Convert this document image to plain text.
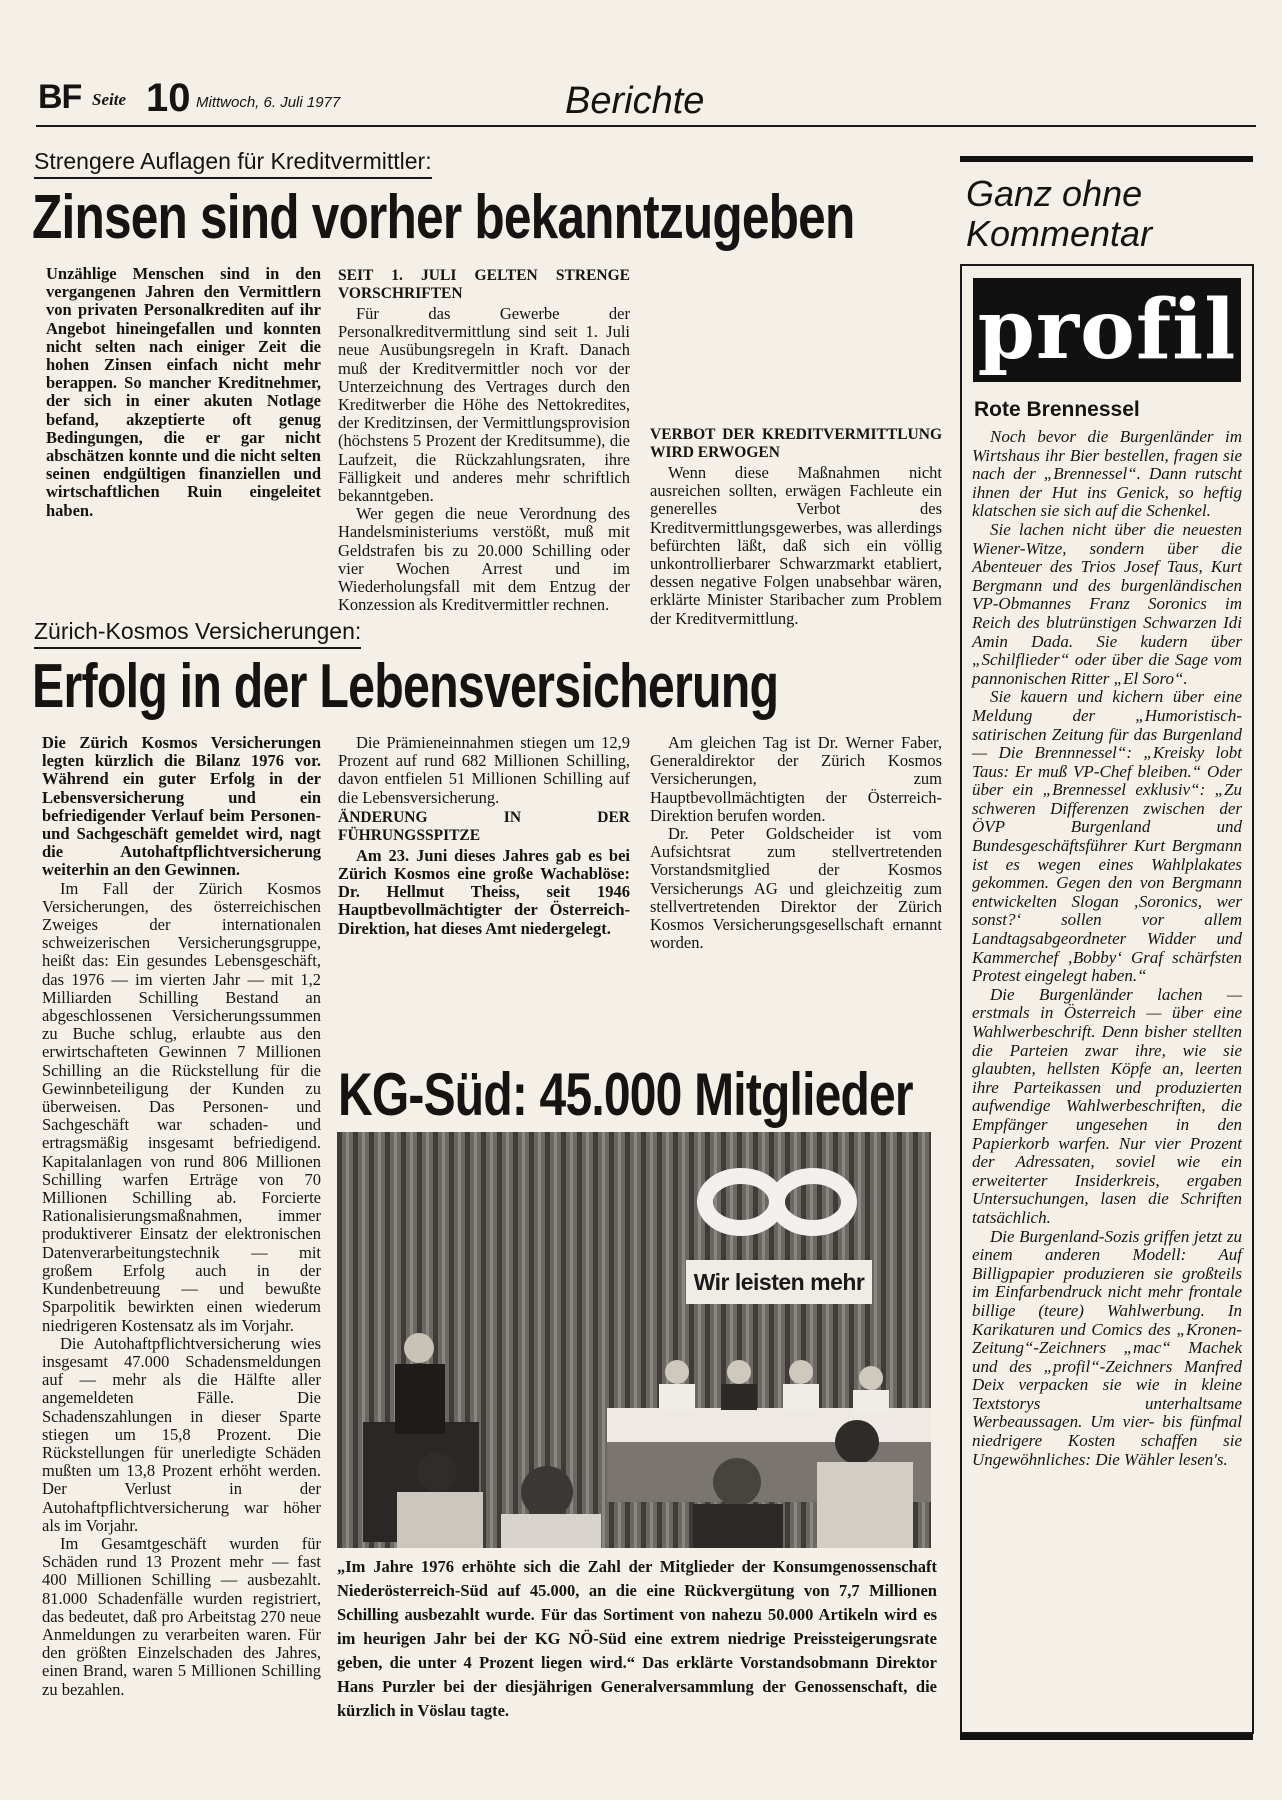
BF Seite 10 Mittwoch, 6. Juli 1977	Berichte
Strengere Auflagen für Kreditvermittler:
Zinsen sind vorher bekanntzugeben

Unzählige Menschen sind in den vergangenen Jahren den Vermittlern von privaten Personalkrediten auf ihr Angebot hineingefallen und konnten nicht selten nach einiger Zeit die hohen Zinsen einfach nicht mehr berappen. So mancher Kreditnehmer, der sich in einer akuten Notlage befand, akzeptierte oft genug Bedingungen, die er gar nicht abschätzen konnte und die nicht selten seinen endgültigen finanziellen und wirtschaftlichen Ruin eingeleitet haben.

SEIT 1. JULI GELTEN STRENGE VORSCHRIFTEN

Für das Gewerbe der Personalkreditvermittlung sind seit 1. Juli neue Ausübungsregeln in Kraft. Danach muß der Kreditvermittler noch vor der Unterzeichnung des Vertrages durch den Kreditwerber die Höhe des Nettokredites, der Kreditzinsen, der Vermittlungsprovision (höchstens 5 Prozent der Kreditsumme), die Laufzeit, die Rückzahlungsraten, ihre Fälligkeit und anderes mehr schriftlich bekanntgeben.

Wer gegen die neue Verordnung des Handelsministeriums verstößt, muß mit Geldstrafen bis zu 20.000 Schilling oder vier Wochen Arrest und im Wiederholungsfall mit dem Entzug der Konzession als Kreditvermittler rechnen.

VERBOT DER KREDITVERMITTLUNG WIRD ERWOGEN

Wenn diese Maßnahmen nicht ausreichen sollten, erwägen Fachleute ein generelles Verbot des Kreditvermittlungsgewerbes, was allerdings befürchten läßt, daß sich ein völlig unkontrollierbarer Schwarzmarkt etabliert, dessen negative Folgen unabsehbar wären, erklärte Minister Staribacher zum Problem der Kreditvermittlung.

Zürich-Kosmos Versicherungen:
Erfolg in der Lebensversicherung

Die Zürich Kosmos Versicherungen legten kürzlich die Bilanz 1976 vor. Während ein guter Erfolg in der Lebensversicherung und ein befriedigender Verlauf beim Personen- und Sachgeschäft gemeldet wird, nagt die Autohaftpflichtversicherung weiterhin an den Gewinnen.

Im Fall der Zürich Kosmos Versicherungen, des österreichischen Zweiges der internationalen schweizerischen Versicherungsgruppe, heißt das: Ein gesundes Lebensgeschäft, das 1976 — im vierten Jahr — mit 1,2 Milliarden Schilling Bestand an abgeschlossenen Versicherungssummen zu Buche schlug, erlaubte aus den erwirtschafteten Gewinnen 7 Millionen Schilling an die Rückstellung für die Gewinnbeteiligung der Kunden zu überweisen. Das Personen- und Sachgeschäft war schaden- und ertragsmäßig insgesamt befriedigend. Kapitalanlagen von rund 806 Millionen Schilling warfen Erträge von 70 Millionen Schilling ab. Forcierte Rationalisierungsmaßnahmen, immer produktiverer Einsatz der elektronischen Datenverarbeitungstechnik — mit großem Erfolg auch in der Kundenbetreuung — und bewußte Sparpolitik bewirkten einen wiederum niedrigeren Kostensatz als im Vorjahr.

Die Autohaftpflichtversicherung wies insgesamt 47.000 Schadensmeldungen auf — mehr als die Hälfte aller angemeldeten Fälle. Die Schadenszahlungen in dieser Sparte stiegen um 15,8 Prozent. Die Rückstellungen für unerledigte Schäden mußten um 13,8 Prozent erhöht werden. Der Verlust in der Autohaftpflichtversicherung war höher als im Vorjahr.

Im Gesamtgeschäft wurden für Schäden rund 13 Prozent mehr — fast 400 Millionen Schilling — ausbezahlt. 81.000 Schadenfälle wurden registriert, das bedeutet, daß pro Arbeitstag 270 neue Anmeldungen zu verarbeiten waren. Für den größten Einzelschaden des Jahres, einen Brand, waren 5 Millionen Schilling zu bezahlen.

Die Prämieneinnahmen stiegen um 12,9 Prozent auf rund 682 Millionen Schilling, davon entfielen 51 Millionen Schilling auf die Lebensversicherung.

ÄNDERUNG IN DER FÜHRUNGSSPITZE

Am 23. Juni dieses Jahres gab es bei Zürich Kosmos eine große Wachablöse: Dr. Hellmut Theiss, seit 1946 Hauptbevollmächtigter der Österreich-Direktion, hat dieses Amt niedergelegt.

Am gleichen Tag ist Dr. Werner Faber, Generaldirektor der Zürich Kosmos Versicherungen, zum Hauptbevollmächtigten der Österreich-Direktion berufen worden.

Dr. Peter Goldscheider ist vom Aufsichtsrat zum stellvertretenden Vorstandsmitglied der Kosmos Versicherungs AG und gleichzeitig zum stellvertretenden Direktor der Zürich Kosmos Versicherungsgesellschaft ernannt worden.

KG-Süd: 45.000 Mitglieder
Wir leisten mehr
„Im Jahre 1976 erhöhte sich die Zahl der Mitglieder der Konsumgenossenschaft Niederösterreich-Süd auf 45.000, an die eine Rückvergütung von 7,7 Millionen Schilling ausbezahlt wurde. Für das Sortiment von nahezu 50.000 Artikeln wird es im heurigen Jahr bei der KG NÖ-Süd eine extrem niedrige Preissteigerungsrate geben, die unter 4 Prozent liegen wird.“ Das erklärte Vorstandsobmann Direktor Hans Purzler bei der diesjährigen Generalversammlung der Genossenschaft, die kürzlich in Vöslau tagte.
Ganz ohne
Kommentar
profil
Rote Brennessel

Noch bevor die Burgenländer im Wirtshaus ihr Bier bestellen, fragen sie nach der „Brennessel“. Dann rutscht ihnen der Hut ins Genick, so heftig klatschen sie sich auf die Schenkel.

Sie lachen nicht über die neuesten Wiener-Witze, sondern über die Abenteuer des Trios Josef Taus, Kurt Bergmann und des burgenländischen VP-Obmannes Franz Soronics im Reich des blutrünstigen Schwarzen Idi Amin Dada. Sie kudern über „Schilflieder“ oder über die Sage vom pannonischen Ritter „El Soro“.

Sie kauern und kichern über eine Meldung der „Humoristisch-satirischen Zeitung für das Burgenland — Die Brennnessel“: „Kreisky lobt Taus: Er muß VP-Chef bleiben.“ Oder über ein „Brennessel exklusiv“: „Zu schweren Differenzen zwischen der ÖVP Burgenland und Bundesgeschäftsführer Kurt Bergmann ist es wegen eines Wahlplakates gekommen. Gegen den von Bergmann entwickelten Slogan ‚Soronics, wer sonst?‘ sollen vor allem Landtagsabgeordneter Widder und Kammerchef ‚Bobby‘ Graf schärfsten Protest eingelegt haben.“

Die Burgenländer lachen — erstmals in Österreich — über eine Wahlwerbeschrift. Denn bisher stellten die Parteien zwar ihre, wie sie glaubten, hellsten Köpfe an, leerten ihre Parteikassen und produzierten aufwendige Wahlwerbeschriften, die Empfänger ungesehen in den Papierkorb warfen. Nur vier Prozent der Adressaten, soviel wie ein erweiterter Insiderkreis, ergaben Untersuchungen, lasen die Schriften tatsächlich.

Die Burgenland-Sozis griffen jetzt zu einem anderen Modell: Auf Billigpapier produzieren sie großteils im Einfarbendruck nicht mehr frontale billige (teure) Wahlwerbung. In Karikaturen und Comics des „Kronen-Zeitung“-Zeichners „mac“ Machek und des „profil“-Zeichners Manfred Deix verpacken sie wie in kleine Textstorys unterhaltsame Werbeaussagen. Um vier- bis fünfmal niedrigere Kosten schaffen sie Ungewöhnliches: Die Wähler lesen's.
